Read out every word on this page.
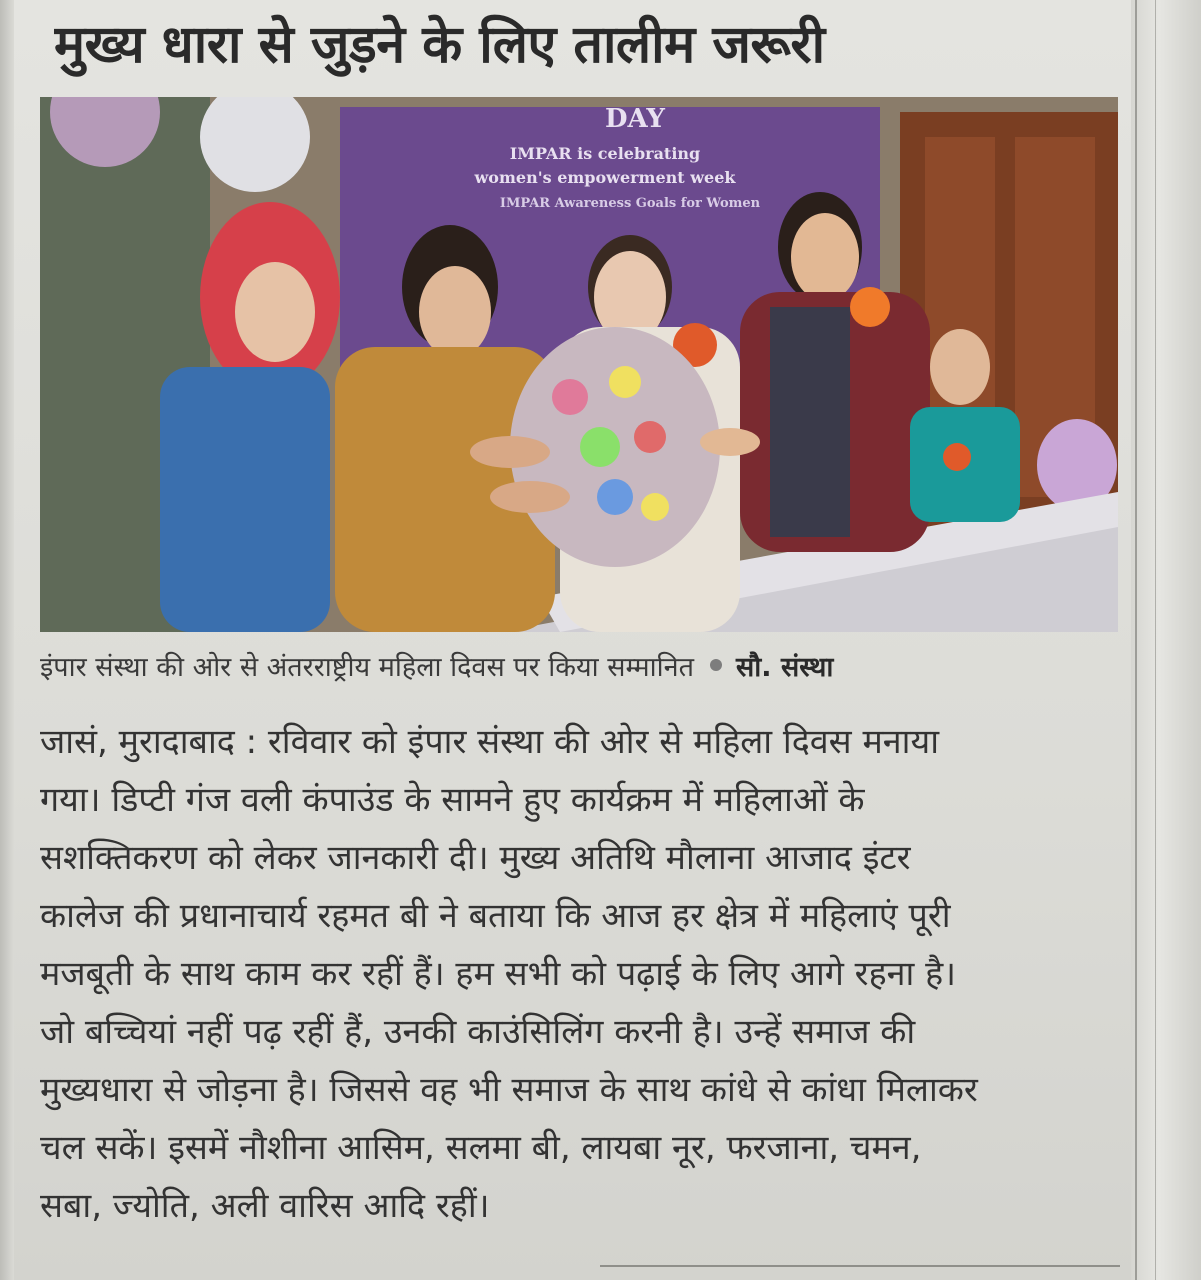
मुख्य धारा से जुड़ने के लिए तालीम जरूरी
DAY
IMPAR is celebrating
women's empowerment week
IMPAR Awareness Goals for Women
इंपार संस्था की ओर से अंतरराष्ट्रीय महिला दिवस पर किया सम्मानित सौ. संस्था
जासं, मुरादाबाद : रविवार को इंपार संस्था की ओर से महिला दिवस मनाया
गया। डिप्टी गंज वली कंपाउंड के सामने हुए कार्यक्रम में महिलाओं के
सशक्तिकरण को लेकर जानकारी दी। मुख्य अतिथि मौलाना आजाद इंटर
कालेज की प्रधानाचार्य रहमत बी ने बताया कि आज हर क्षेत्र में महिलाएं पूरी
मजबूती के साथ काम कर रहीं हैं। हम सभी को पढ़ाई के लिए आगे रहना है।
जो बच्चियां नहीं पढ़ रहीं हैं, उनकी काउंसिलिंग करनी है। उन्हें समाज की
मुख्यधारा से जोड़ना है। जिससे वह भी समाज के साथ कांधे से कांधा मिलाकर
चल सकें। इसमें नौशीना आसिम, सलमा बी, लायबा नूर, फरजाना, चमन,
सबा, ज्योति, अली वारिस आदि रहीं।
